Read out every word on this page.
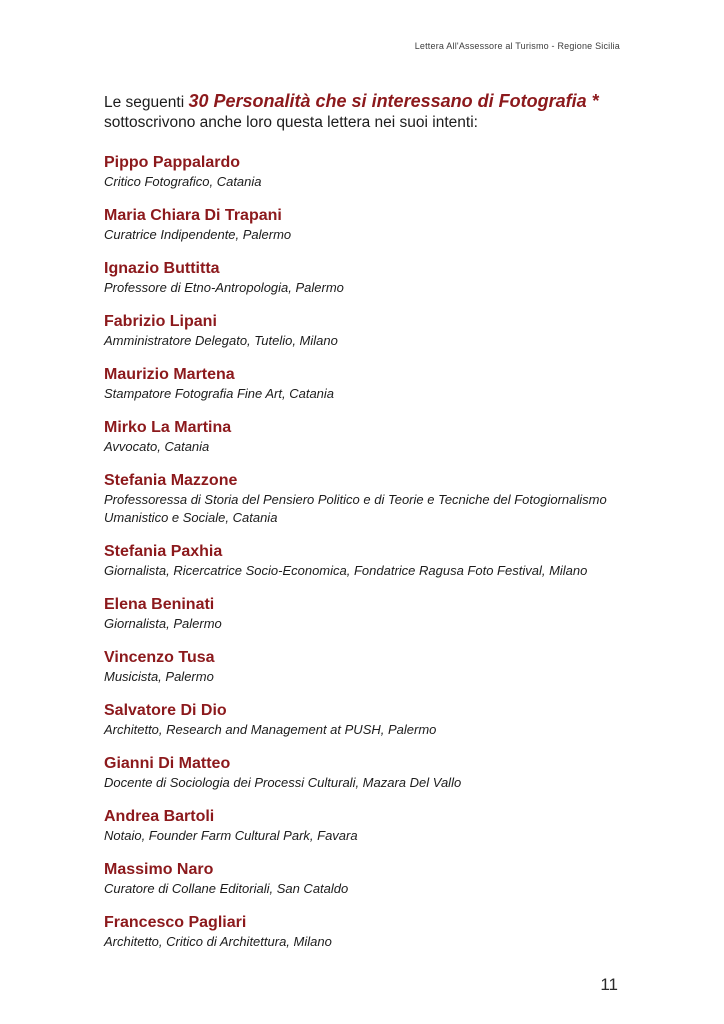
Lettera All'Assessore al Turismo - Regione Sicilia

Le seguenti 30 Personalità che si interessano di Fotografia *
sottoscrivono anche loro questa lettera nei suoi intenti:

Pippo Pappalardo
Critico Fotografico, Catania
Maria Chiara Di Trapani
Curatrice Indipendente, Palermo
Ignazio Buttitta
Professore di Etno-Antropologia, Palermo
Fabrizio Lipani
Amministratore Delegato, Tutelio, Milano
Maurizio Martena
Stampatore Fotografia Fine Art, Catania
Mirko La Martina
Avvocato, Catania
Stefania Mazzone
Professoressa di Storia del Pensiero Politico e di Teorie e Tecniche del Fotogiornalismo Umanistico e Sociale, Catania
Stefania Paxhia
Giornalista, Ricercatrice Socio-Economica, Fondatrice Ragusa Foto Festival, Milano
Elena Beninati
Giornalista, Palermo
Vincenzo Tusa
Musicista, Palermo
Salvatore Di Dio
Architetto, Research and Management at PUSH, Palermo
Gianni Di Matteo
Docente di Sociologia dei Processi Culturali, Mazara Del Vallo
Andrea Bartoli
Notaio, Founder Farm Cultural Park, Favara
Massimo Naro
Curatore di Collane Editoriali, San Cataldo
Francesco Pagliari
Architetto, Critico di Architettura, Milano
11
